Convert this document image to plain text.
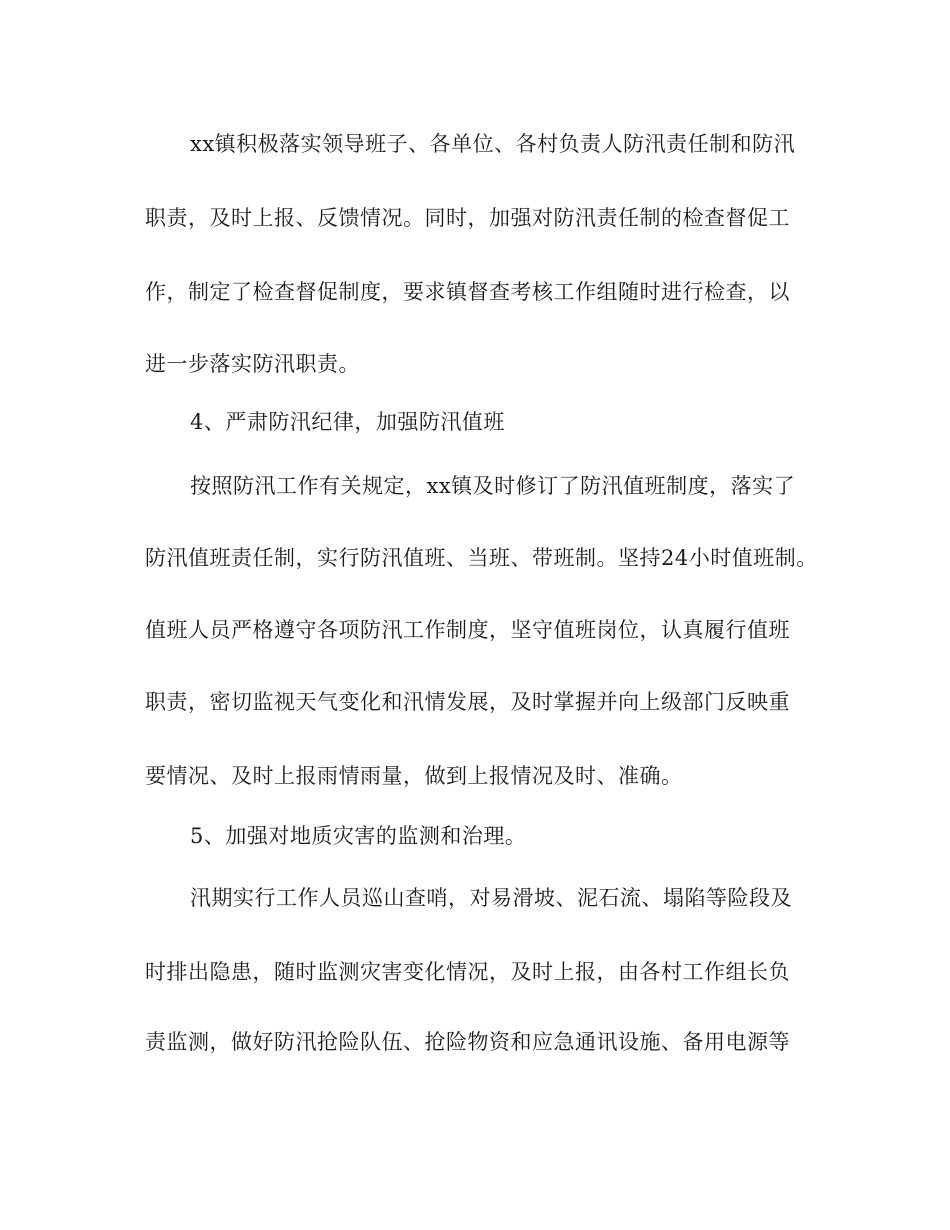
xx镇积极落实领导班子、各单位、各村负责人防汛责任制和防汛
职责，及时上报、反馈情况。同时，加强对防汛责任制的检查督促工
作，制定了检查督促制度，要求镇督查考核工作组随时进行检查，以
进一步落实防汛职责。
4、严肃防汛纪律，加强防汛值班
按照防汛工作有关规定，xx镇及时修订了防汛值班制度，落实了
防汛值班责任制，实行防汛值班、当班、带班制。坚持24小时值班制。
值班人员严格遵守各项防汛工作制度，坚守值班岗位，认真履行值班
职责，密切监视天气变化和汛情发展，及时掌握并向上级部门反映重
要情况、及时上报雨情雨量，做到上报情况及时、准确。
5、加强对地质灾害的监测和治理。
汛期实行工作人员巡山查哨，对易滑坡、泥石流、塌陷等险段及
时排出隐患，随时监测灾害变化情况，及时上报，由各村工作组长负
责监测，做好防汛抢险队伍、抢险物资和应急通讯设施、备用电源等
